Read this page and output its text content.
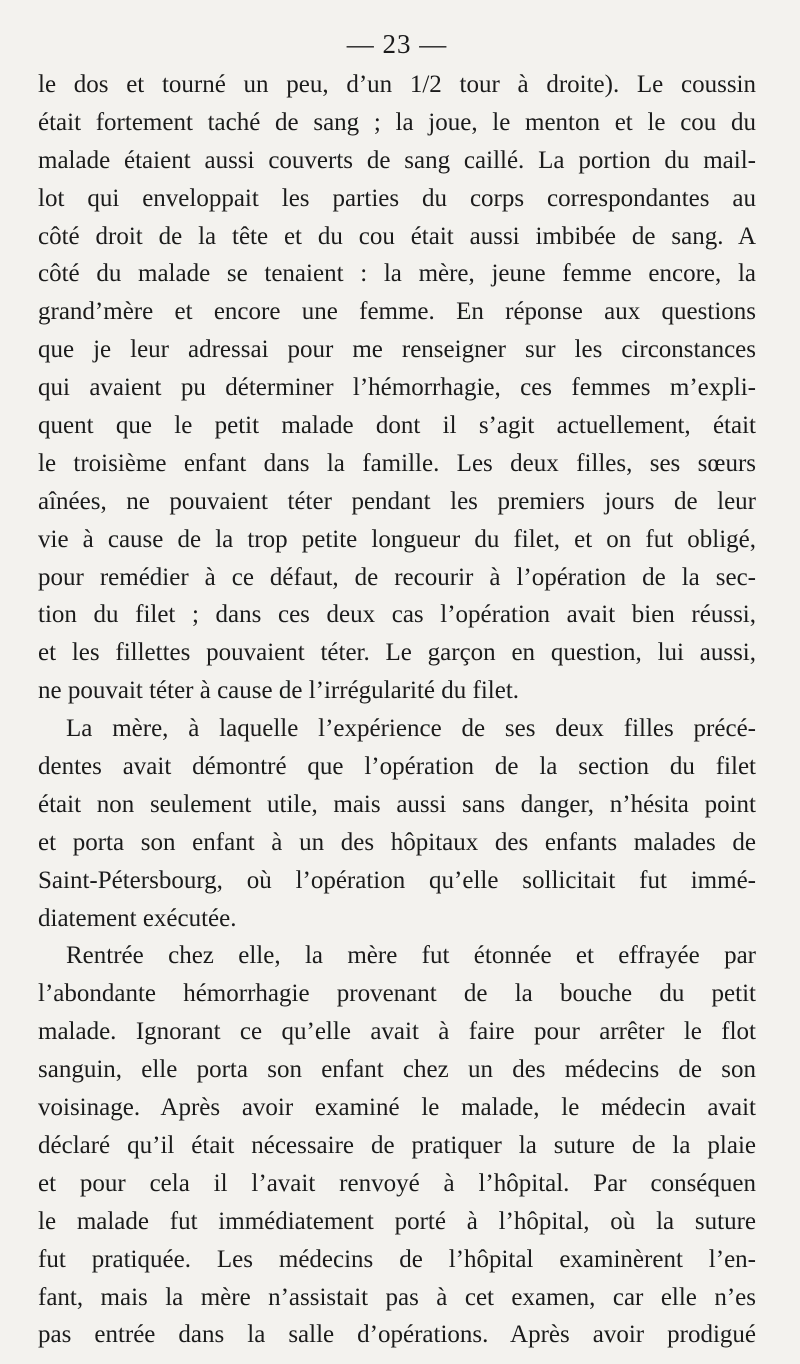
— 23 —
le dos et tourné un peu, d’un 1/2 tour à droite). Le coussin
était fortement taché de sang ; la joue, le menton et le cou du
malade étaient aussi couverts de sang caillé. La portion du mail-
lot qui enveloppait les parties du corps correspondantes au
côté droit de la tête et du cou était aussi imbibée de sang. A
côté du malade se tenaient : la mère, jeune femme encore, la
grand’mère et encore une femme. En réponse aux questions
que je leur adressai pour me renseigner sur les circonstances
qui avaient pu déterminer l’hémorrhagie, ces femmes m’expli-
quent que le petit malade dont il s’agit actuellement, était
le troisième enfant dans la famille. Les deux filles, ses sœurs
aînées, ne pouvaient téter pendant les premiers jours de leur
vie à cause de la trop petite longueur du filet, et on fut obligé,
pour remédier à ce défaut, de recourir à l’opération de la sec-
tion du filet ; dans ces deux cas l’opération avait bien réussi,
et les fillettes pouvaient téter. Le garçon en question, lui aussi,
ne pouvait téter à cause de l’irrégularité du filet.
La mère, à laquelle l’expérience de ses deux filles précé-
dentes avait démontré que l’opération de la section du filet
était non seulement utile, mais aussi sans danger, n’hésita point
et porta son enfant à un des hôpitaux des enfants malades de
Saint-Pétersbourg, où l’opération qu’elle sollicitait fut immé-
diatement exécutée.
Rentrée chez elle, la mère fut étonnée et effrayée par
l’abondante hémorrhagie provenant de la bouche du petit
malade. Ignorant ce qu’elle avait à faire pour arrêter le flot
sanguin, elle porta son enfant chez un des médecins de son
voisinage. Après avoir examiné le malade, le médecin avait
déclaré qu’il était nécessaire de pratiquer la suture de la plaie
et pour cela il l’avait renvoyé à l’hôpital. Par conséquen
le malade fut immédiatement porté à l’hôpital, où la suture
fut pratiquée. Les médecins de l’hôpital examinèrent l’en-
fant, mais la mère n’assistait pas à cet examen, car elle n’es
pas entrée dans la salle d’opérations. Après avoir prodigué
